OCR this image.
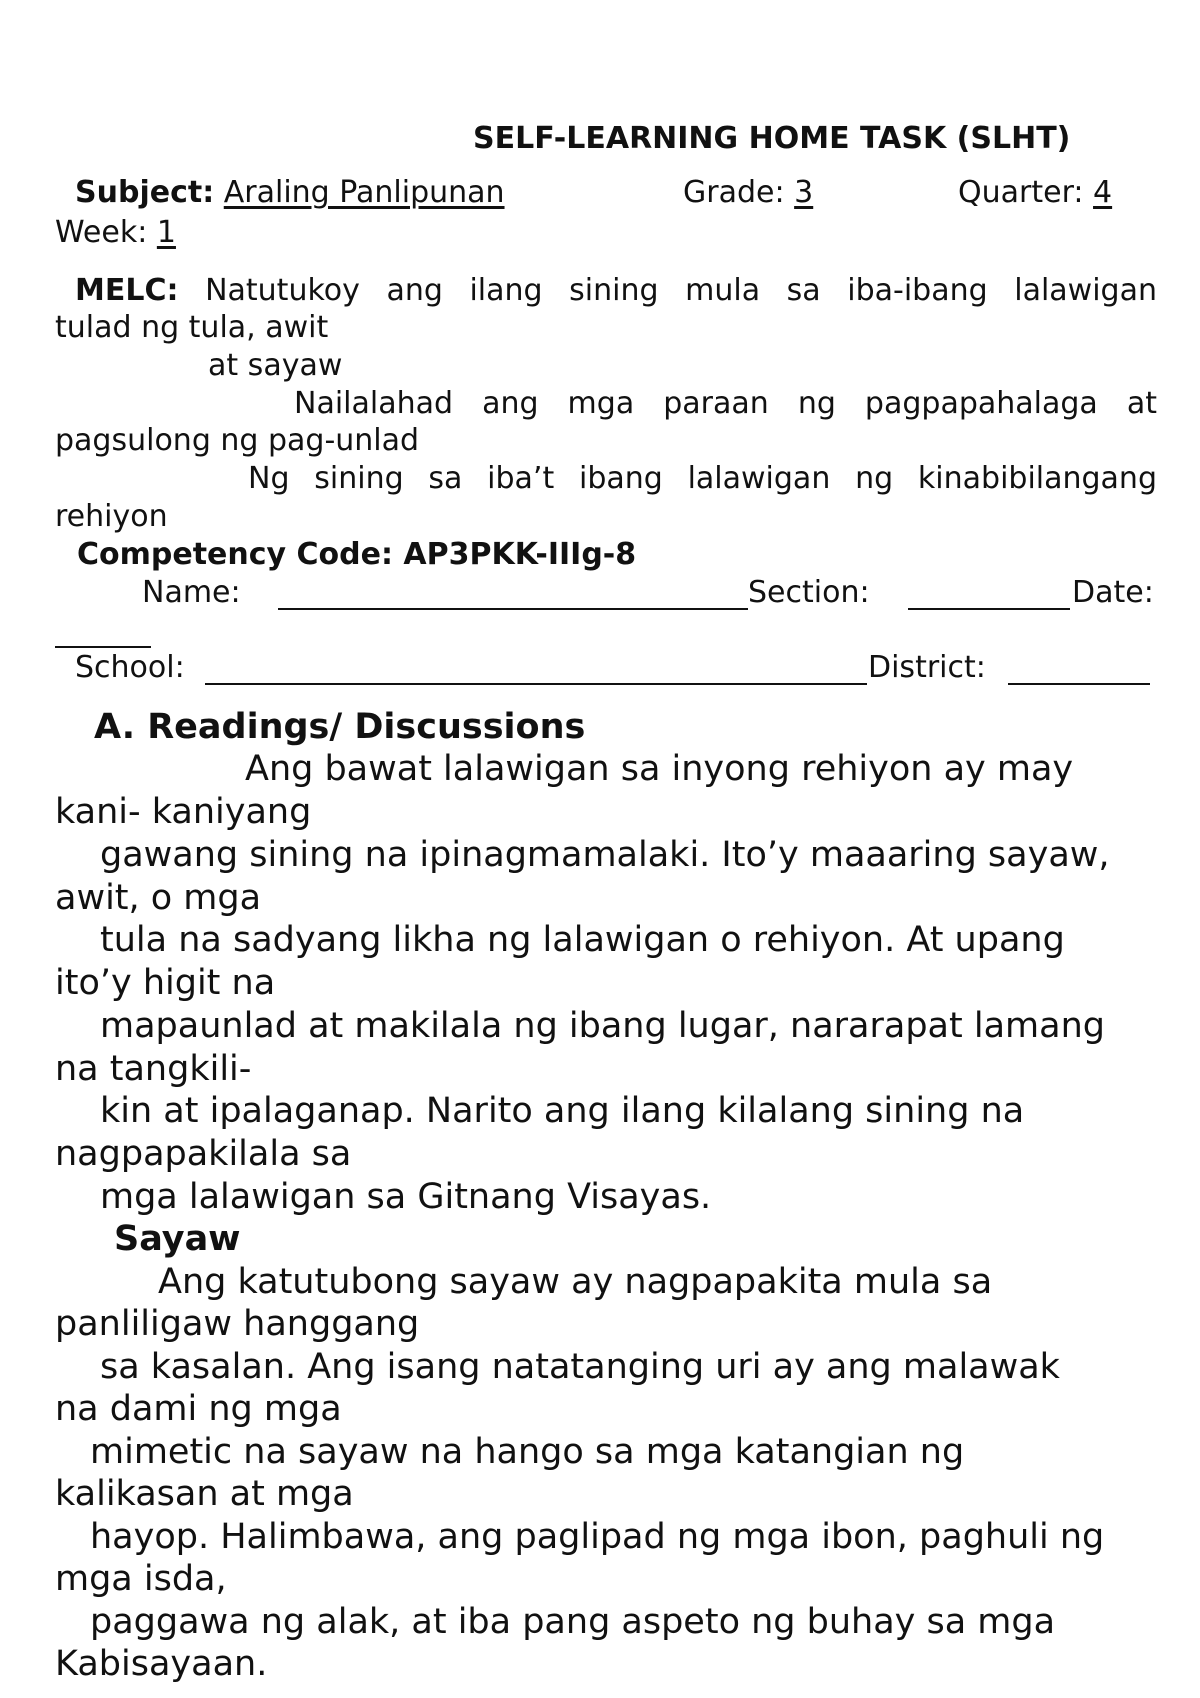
SELF-LEARNING HOME TASK (SLHT)
Subject: Araling Panlipunan	Grade: 3	Quarter: 4
Week: 1
MELC: Natutukoy ang ilang sining mula sa iba-ibang lalawigan
tulad ng tula, awit
at sayaw
Nailalahad ang mga paraan ng pagpapahalaga at
pagsulong ng pag-unlad
Ng sining sa iba’t ibang lalawigan ng kinabibilangang
rehiyon
Competency Code: AP3PKK-IIIg-8
Name:	Section:	Date:
School:	District:
A. Readings/ Discussions
Ang bawat lalawigan sa inyong rehiyon ay may
kani- kaniyang
gawang sining na ipinagmamalaki. Ito’y maaaring sayaw,
awit, o mga
tula na sadyang likha ng lalawigan o rehiyon. At upang
ito’y higit na
mapaunlad at makilala ng ibang lugar, nararapat lamang
na tangkili-
kin at ipalaganap. Narito ang ilang kilalang sining na
nagpapakilala sa
mga lalawigan sa Gitnang Visayas.
Sayaw
Ang katutubong sayaw ay nagpapakita mula sa
panliligaw hanggang
sa kasalan. Ang isang natatanging uri ay ang malawak
na dami ng mga
mimetic na sayaw na hango sa mga katangian ng
kalikasan at mga
hayop. Halimbawa, ang paglipad ng mga ibon, paghuli ng
mga isda,
paggawa ng alak, at iba pang aspeto ng buhay sa mga
Kabisayaan.
